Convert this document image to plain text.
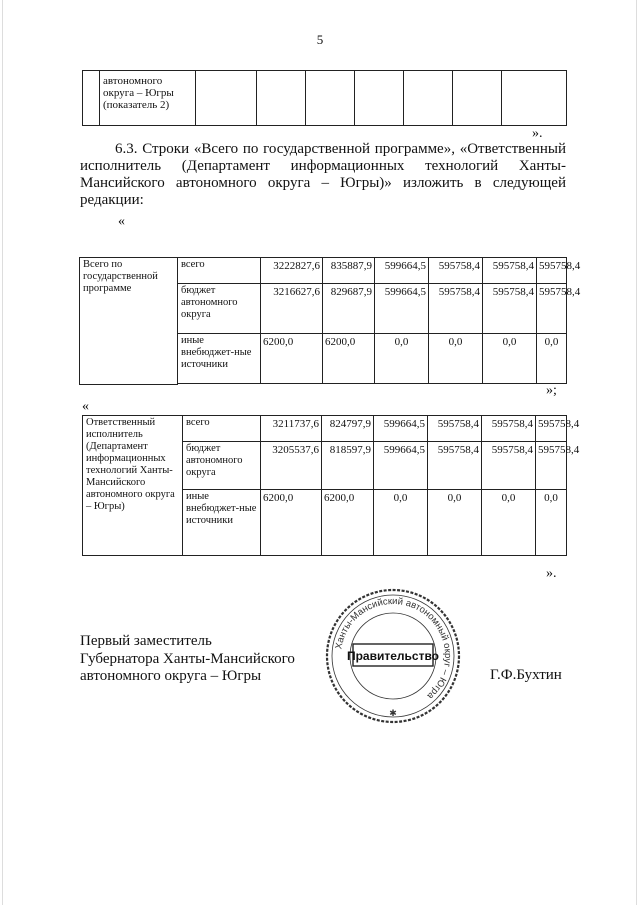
5
	автономного округа – Югры (показатель 2)							
».
6.3. Строки «Всего по государственной программе», «Ответственный исполнитель (Департамент информационных технологий Ханты-Мансийского автономного округа – Югры)» изложить в следующей редакции:
«
Всего по государственной программе	всего	3222827,6	835887,9	599664,5	595758,4	595758,4	595758,4
	бюджет автономного округа	3216627,6	829687,9	599664,5	595758,4	595758,4	595758,4
	иные внебюджет-ные источники	6200,0	6200,0	0,0	0,0	0,0	0,0

»;
«
Ответственный исполнитель (Департамент информационных технологий Ханты-Мансийского автономного округа – Югры)	всего	3211737,6	824797,9	599664,5	595758,4	595758,4	595758,4
	бюджет автономного округа	3205537,6	818597,9	599664,5	595758,4	595758,4	595758,4
	иные внебюджет-ные источники	6200,0	6200,0	0,0	0,0	0,0	0,0
».
Первый заместитель
Губернатора Ханты-Мансийского
автономного округа – Югры	Г.Ф.Бухтин
Ханты-Мансийский автономный округ – Югра
Правительство
✱
